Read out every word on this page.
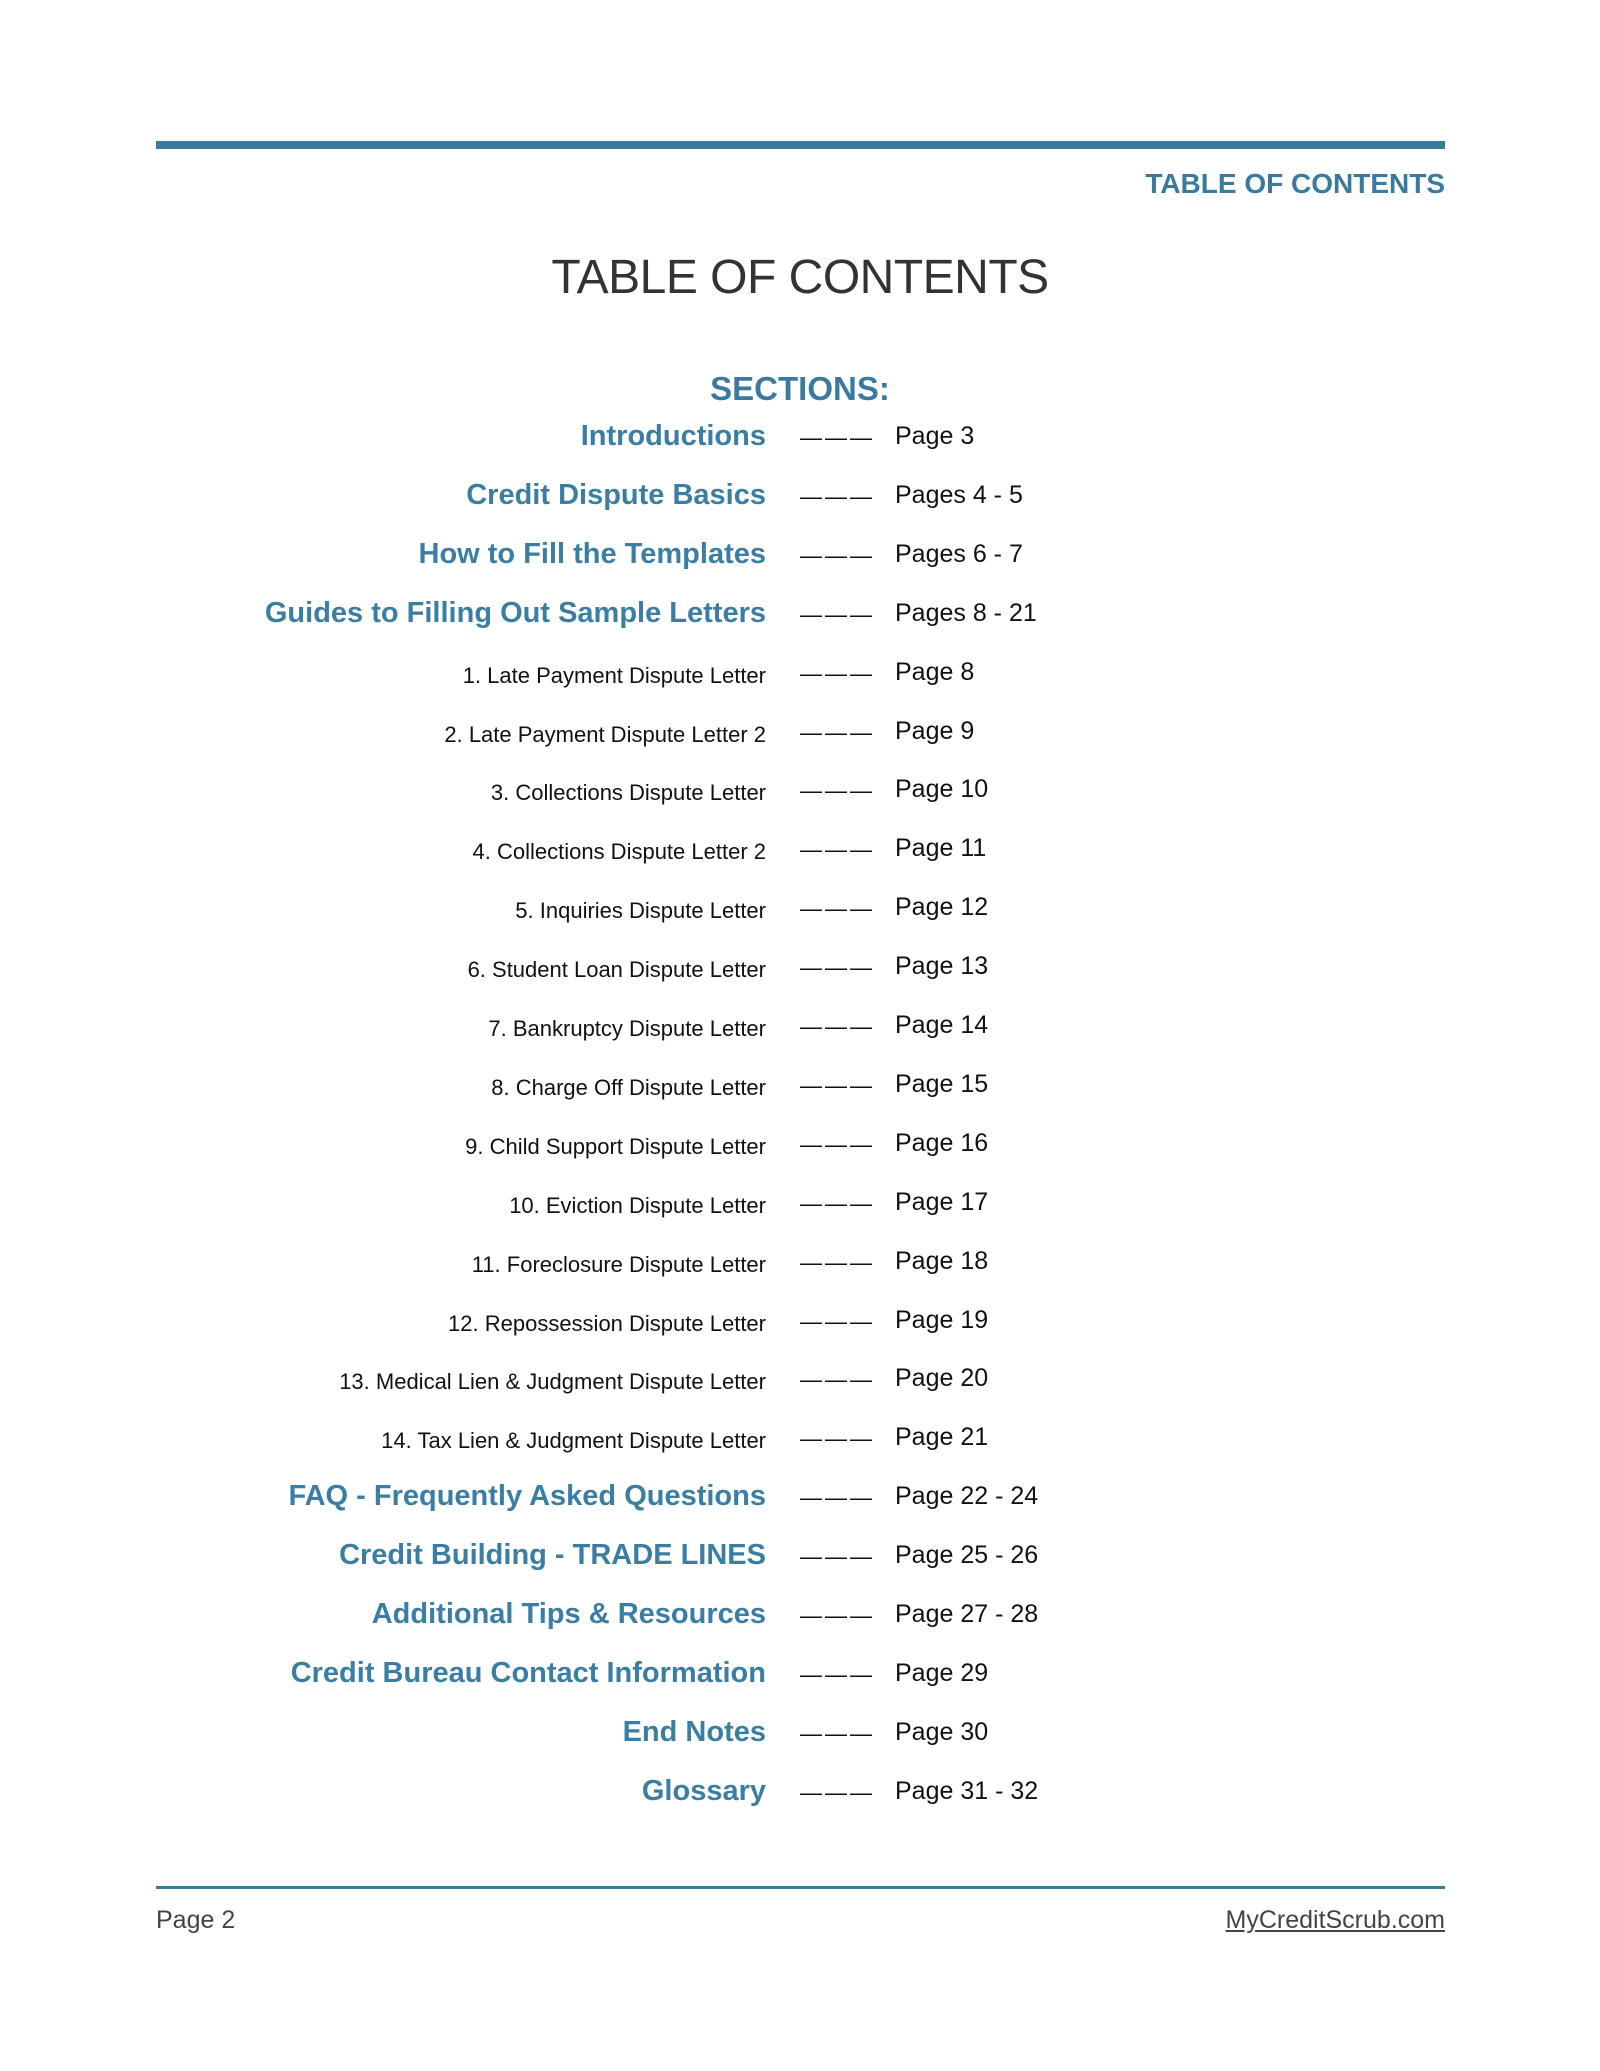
TABLE OF CONTENTS
TABLE OF CONTENTS
SECTIONS:
Introductions ——— Page 3
Credit Dispute Basics ——— Pages 4 - 5
How to Fill the Templates ——— Pages 6 - 7
Guides to Filling Out Sample Letters ——— Pages 8 - 21
1. Late Payment Dispute Letter ——— Page 8
2. Late Payment Dispute Letter 2 ——— Page 9
3. Collections Dispute Letter ——— Page 10
4. Collections Dispute Letter 2 ——— Page 11
5. Inquiries Dispute Letter ——— Page 12
6. Student Loan Dispute Letter ——— Page 13
7. Bankruptcy Dispute Letter ——— Page 14
8. Charge Off Dispute Letter ——— Page 15
9. Child Support Dispute Letter ——— Page 16
10. Eviction Dispute Letter ——— Page 17
11. Foreclosure Dispute Letter ——— Page 18
12. Repossession Dispute Letter ——— Page 19
13. Medical Lien & Judgment Dispute Letter ——— Page 20
14. Tax Lien & Judgment Dispute Letter ——— Page 21
FAQ - Frequently Asked Questions ——— Page 22 - 24
Credit Building - TRADE LINES ——— Page 25 - 26
Additional Tips & Resources ——— Page 27 - 28
Credit Bureau Contact Information ——— Page 29
End Notes ——— Page 30
Glossary ——— Page 31 - 32
Page 2	MyCreditScrub.com
